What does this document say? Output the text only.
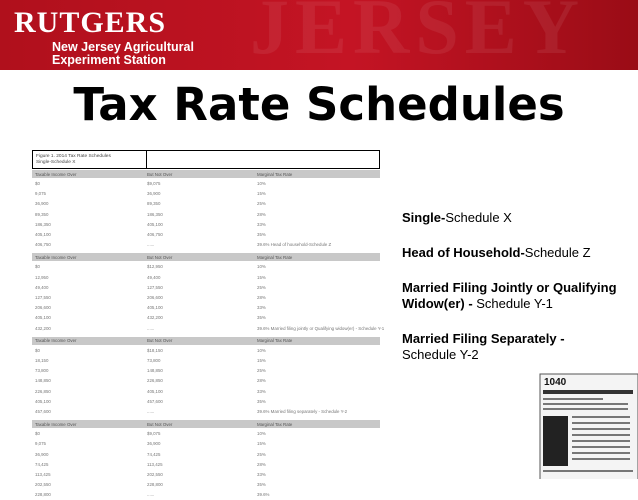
JERSEY
RUTGERS
New Jersey Agricultural
Experiment Station
Tax Rate Schedules
Figure 1. 2014 Tax Rate Schedules
Single-Schedule X
Taxable Income Over	But Not Over	Marginal Tax Rate
$0	$9,075	10%
9,075	36,900	15%
36,900	89,350	25%
89,350	186,350	28%
186,350	405,100	33%
405,100	406,750	35%
406,750	......	39.6% Head of household-Schedule Z
Taxable Income Over	But Not Over	Marginal Tax Rate
$0	$12,950	10%
12,950	49,400	15%
49,400	127,550	25%
127,550	206,600	28%
206,600	405,100	33%
405,100	432,200	35%
432,200	......	39.6% Married filing jointly or Qualifying widow(er) - Schedule Y-1
Taxable Income Over	But Not Over	Marginal Tax Rate
$0	$18,150	10%
18,150	73,800	15%
73,800	148,850	25%
148,850	226,850	28%
226,850	405,100	33%
405,100	457,600	35%
457,600	......	39.6% Married filing separately - Schedule Y-2
Taxable Income Over	But Not Over	Marginal Tax Rate
$0	$9,075	10%
9,075	36,900	15%
36,900	74,425	25%
74,425	113,425	28%
113,425	202,550	33%
202,550	228,800	35%
228,800	......	39.6%

Single-Schedule X

Head of Household-Schedule Z

Married Filing Jointly or Qualifying Widow(er) - Schedule Y-1

Married Filing Separately - Schedule Y-2

1040
